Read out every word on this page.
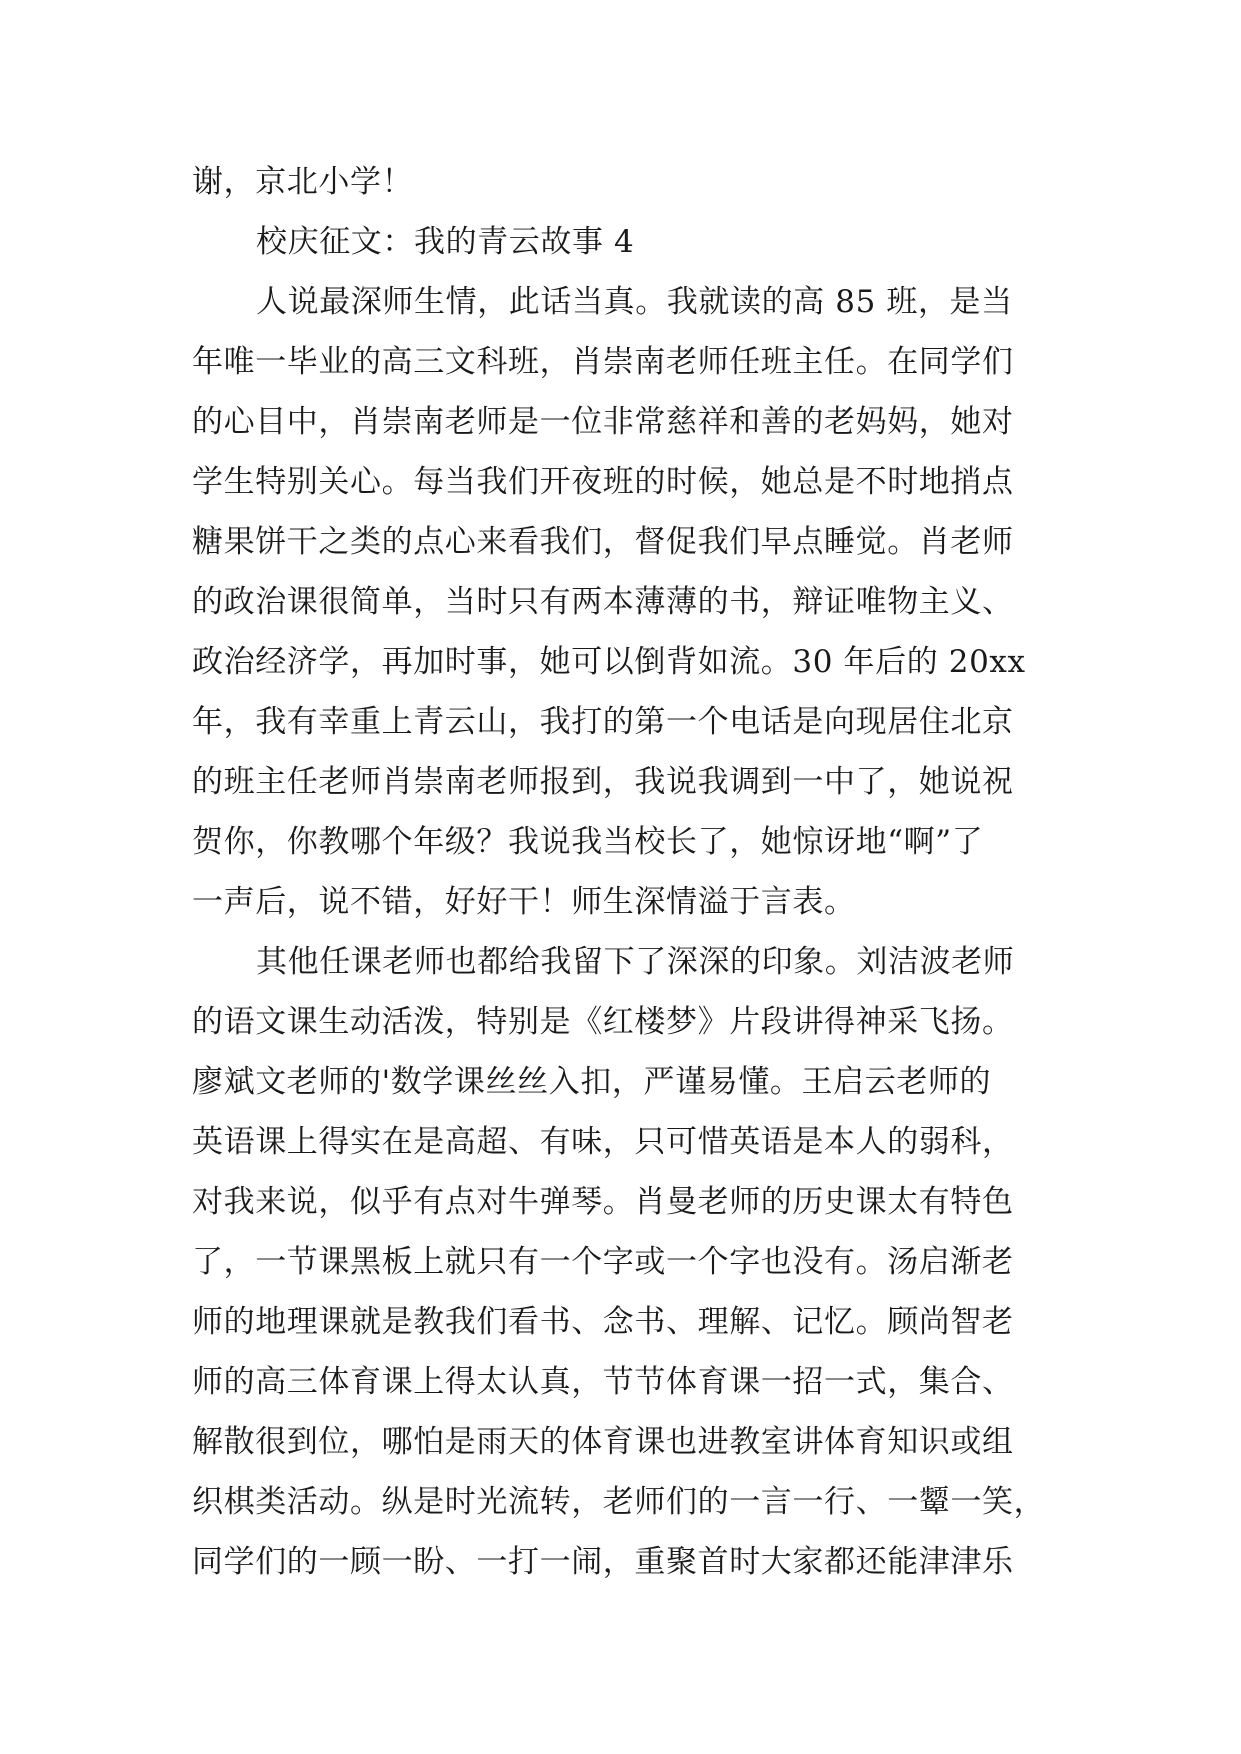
谢，京北小学！
校庆征文：我的青云故事 4
人说最深师生情，此话当真。我就读的高 85 班，是当
年唯一毕业的高三文科班，肖崇南老师任班主任。在同学们
的心目中，肖崇南老师是一位非常慈祥和善的老妈妈，她对
学生特别关心。每当我们开夜班的时候，她总是不时地捎点
糖果饼干之类的点心来看我们，督促我们早点睡觉。肖老师
的政治课很简单，当时只有两本薄薄的书，辩证唯物主义、
政治经济学，再加时事，她可以倒背如流。30 年后的 20xx
年，我有幸重上青云山，我打的第一个电话是向现居住北京
的班主任老师肖崇南老师报到，我说我调到一中了，她说祝
贺你，你教哪个年级？我说我当校长了，她惊讶地“啊”了
一声后，说不错，好好干！师生深情溢于言表。
其他任课老师也都给我留下了深深的印象。刘洁波老师
的语文课生动活泼，特别是《红楼梦》片段讲得神采飞扬。
廖斌文老师的'数学课丝丝入扣，严谨易懂。王启云老师的
英语课上得实在是高超、有味，只可惜英语是本人的弱科，
对我来说，似乎有点对牛弹琴。肖曼老师的历史课太有特色
了，一节课黑板上就只有一个字或一个字也没有。汤启渐老
师的地理课就是教我们看书、念书、理解、记忆。顾尚智老
师的高三体育课上得太认真，节节体育课一招一式，集合、
解散很到位，哪怕是雨天的体育课也进教室讲体育知识或组
织棋类活动。纵是时光流转，老师们的一言一行、一颦一笑，
同学们的一顾一盼、一打一闹，重聚首时大家都还能津津乐
